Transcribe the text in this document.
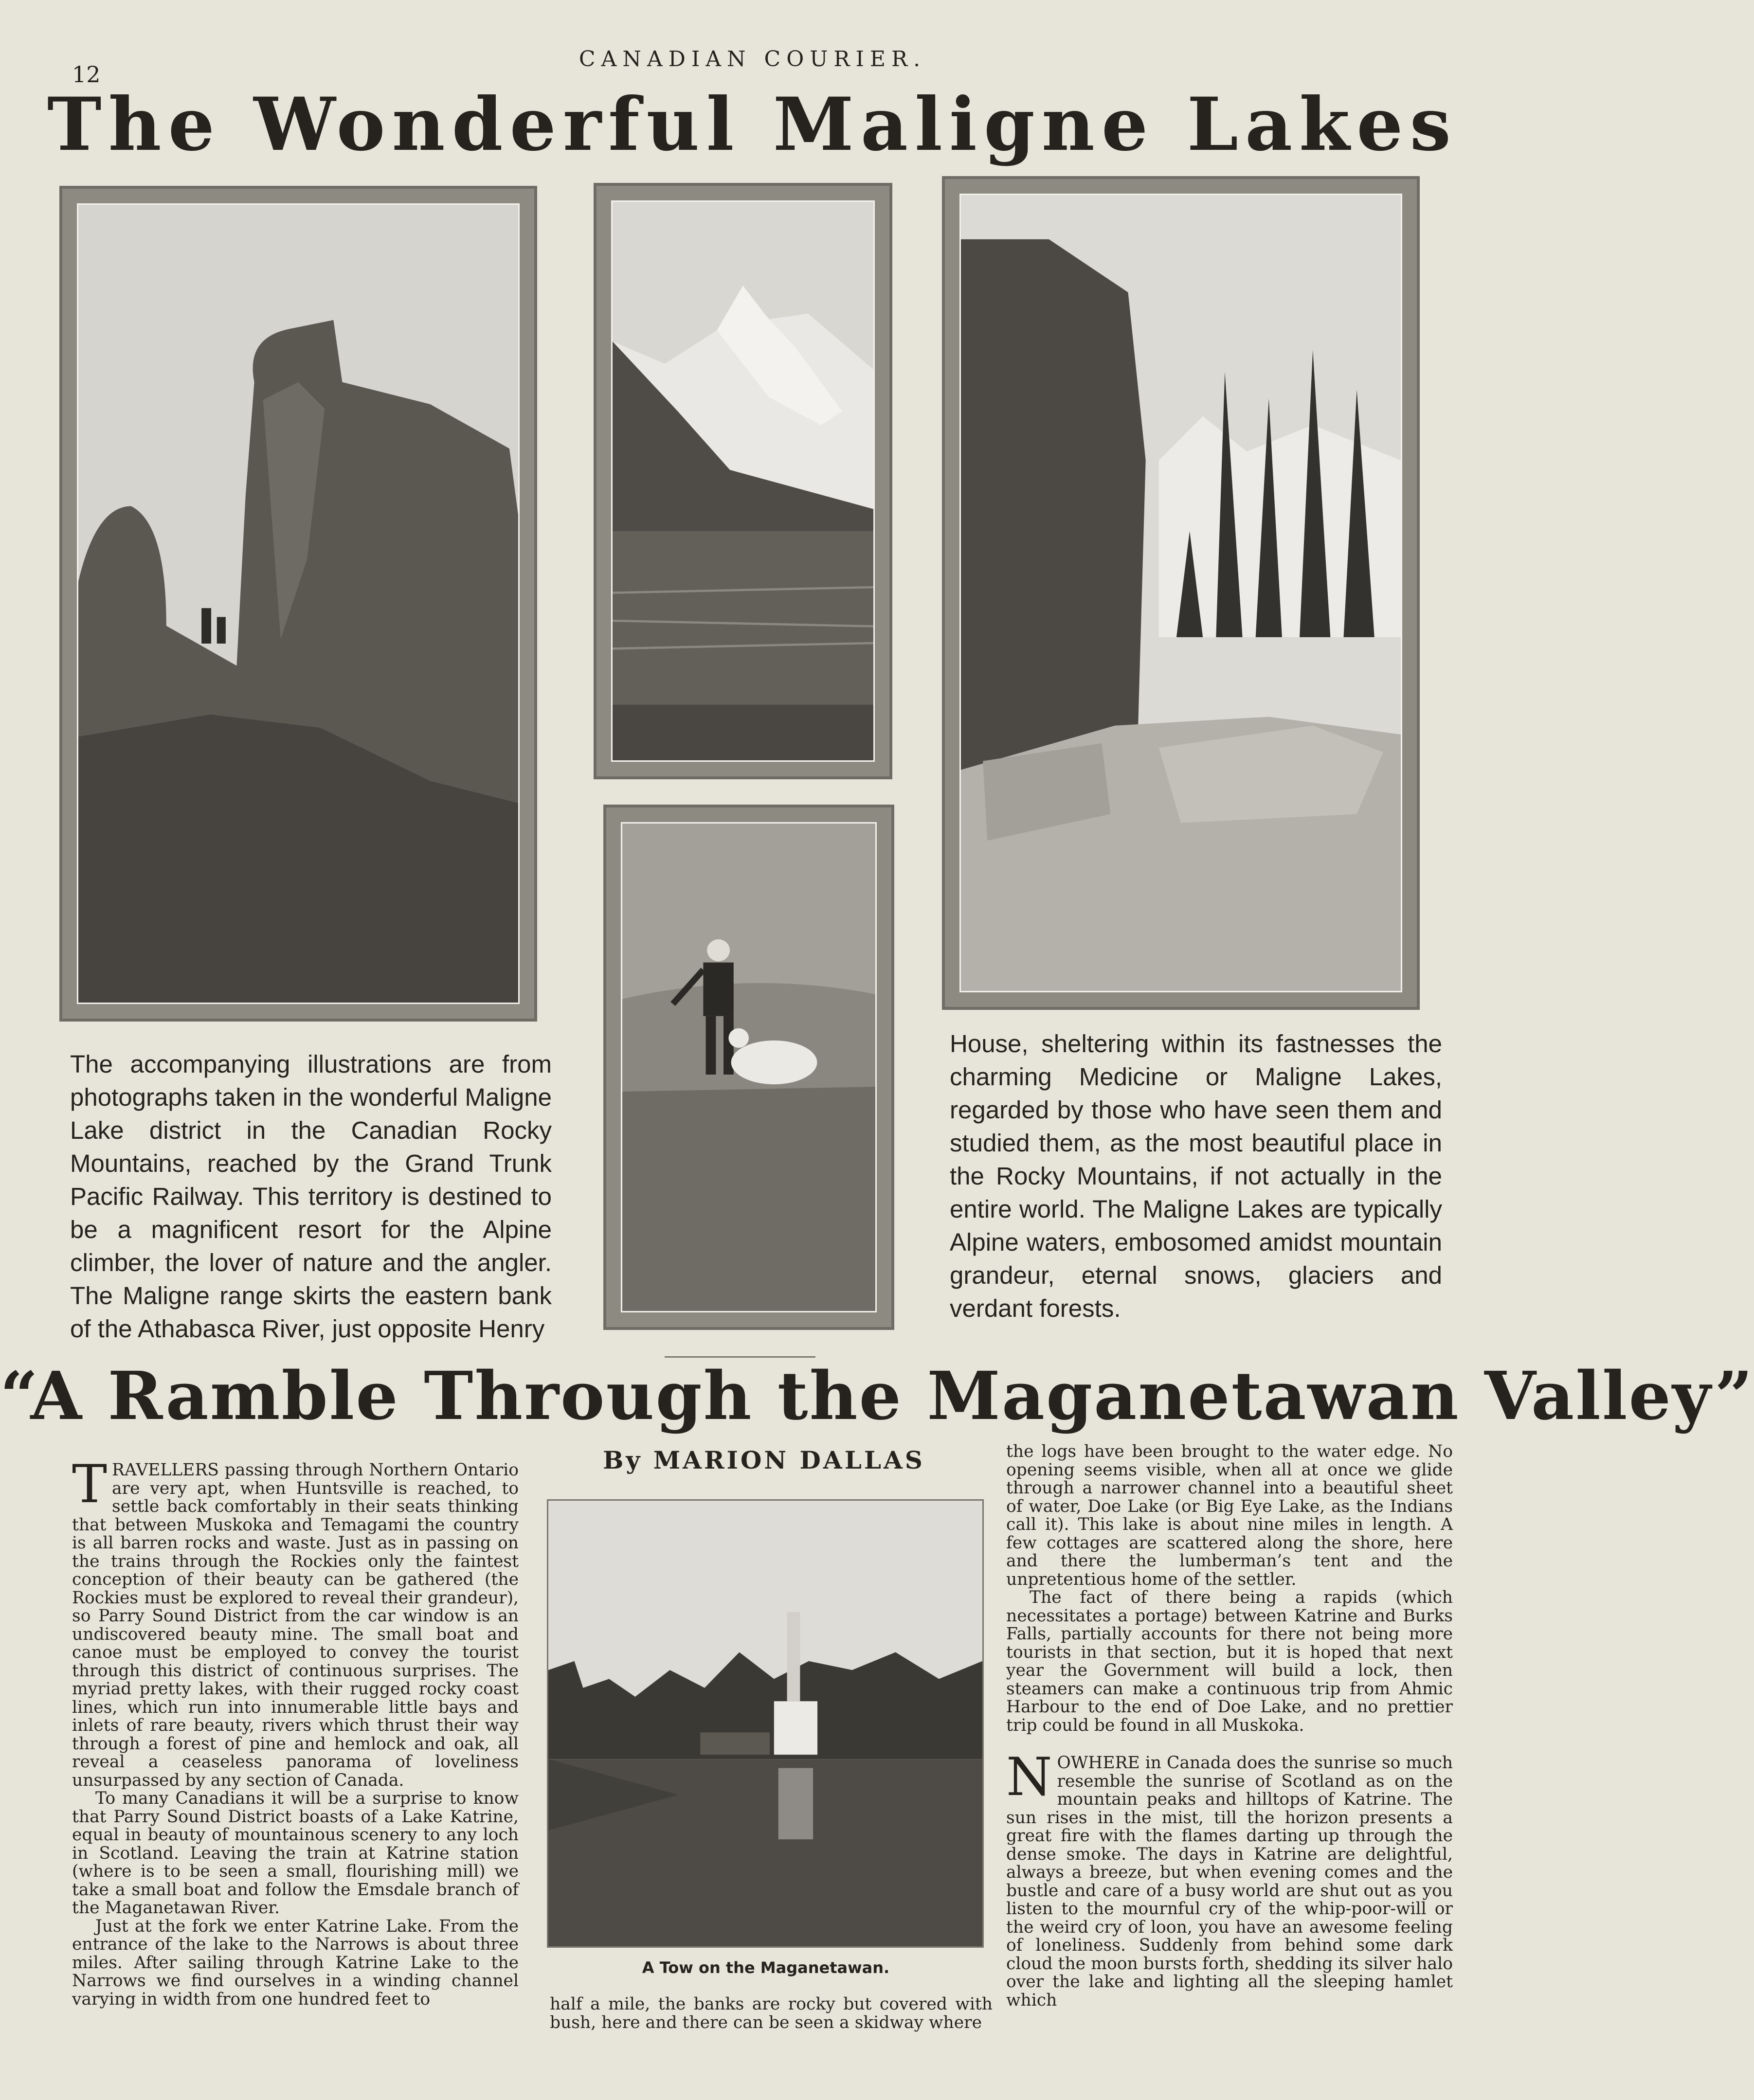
12
CANADIAN COURIER.
The Wonderful Maligne Lakes

The accompanying illustrations are from photographs taken in the wonderful Maligne Lake district in the Canadian Rocky Mountains, reached by the Grand Trunk Pacific Railway. This territory is destined to be a magnificent resort for the Alpine climber, the lover of nature and the angler. The Maligne range skirts the eastern bank of the Athabasca River, just opposite Henry

House, sheltering within its fastnesses the charming Medicine or Maligne Lakes, regarded by those who have seen them and studied them, as the most beautiful place in the Rocky Mountains, if not actually in the entire world. The Maligne Lakes are typically Alpine waters, embosomed amidst mountain grandeur, eternal snows, glaciers and verdant forests.

“A Ramble Through the Maganetawan Valley”
By MARION DALLAS

TRAVELLERS passing through Northern Ontario are very apt, when Huntsville is reached, to settle back comfortably in their seats thinking that between Muskoka and Temagami the country is all barren rocks and waste. Just as in passing on the trains through the Rockies only the faintest conception of their beauty can be gathered (the Rockies must be explored to reveal their grandeur), so Parry Sound District from the car window is an undiscovered beauty mine. The small boat and canoe must be employed to convey the tourist through this district of continuous surprises. The myriad pretty lakes, with their rugged rocky coast lines, which run into innumerable little bays and inlets of rare beauty, rivers which thrust their way through a forest of pine and hemlock and oak, all reveal a ceaseless panorama of loveliness unsurpassed by any section of Canada.

To many Canadians it will be a surprise to know that Parry Sound District boasts of a Lake Katrine, equal in beauty of mountainous scenery to any loch in Scotland. Leaving the train at Katrine station (where is to be seen a small, flourishing mill) we take a small boat and follow the Emsdale branch of the Maganetawan River.

Just at the fork we enter Katrine Lake. From the entrance of the lake to the Narrows is about three miles. After sailing through Katrine Lake to the Narrows we find ourselves in a winding channel varying in width from one hundred feet to

A Tow on the Maganetawan.

half a mile, the banks are rocky but covered with bush, here and there can be seen a skidway where

the logs have been brought to the water edge. No opening seems visible, when all at once we glide through a narrower channel into a beautiful sheet of water, Doe Lake (or Big Eye Lake, as the Indians call it). This lake is about nine miles in length. A few cottages are scattered along the shore, here and there the lumberman’s tent and the unpretentious home of the settler.

The fact of there being a rapids (which necessitates a portage) between Katrine and Burks Falls, partially accounts for there not being more tourists in that section, but it is hoped that next year the Government will build a lock, then steamers can make a continuous trip from Ahmic Harbour to the end of Doe Lake, and no prettier trip could be found in all Muskoka.

NOWHERE in Canada does the sunrise so much resemble the sunrise of Scotland as on the mountain peaks and hilltops of Katrine. The sun rises in the mist, till the horizon presents a great fire with the flames darting up through the dense smoke. The days in Katrine are delightful, always a breeze, but when evening comes and the bustle and care of a busy world are shut out as you listen to the mournful cry of the whip-poor-will or the weird cry of loon, you have an awesome feeling of loneliness. Suddenly from behind some dark cloud the moon bursts forth, shedding its silver halo over the lake and lighting all the sleeping hamlet which
